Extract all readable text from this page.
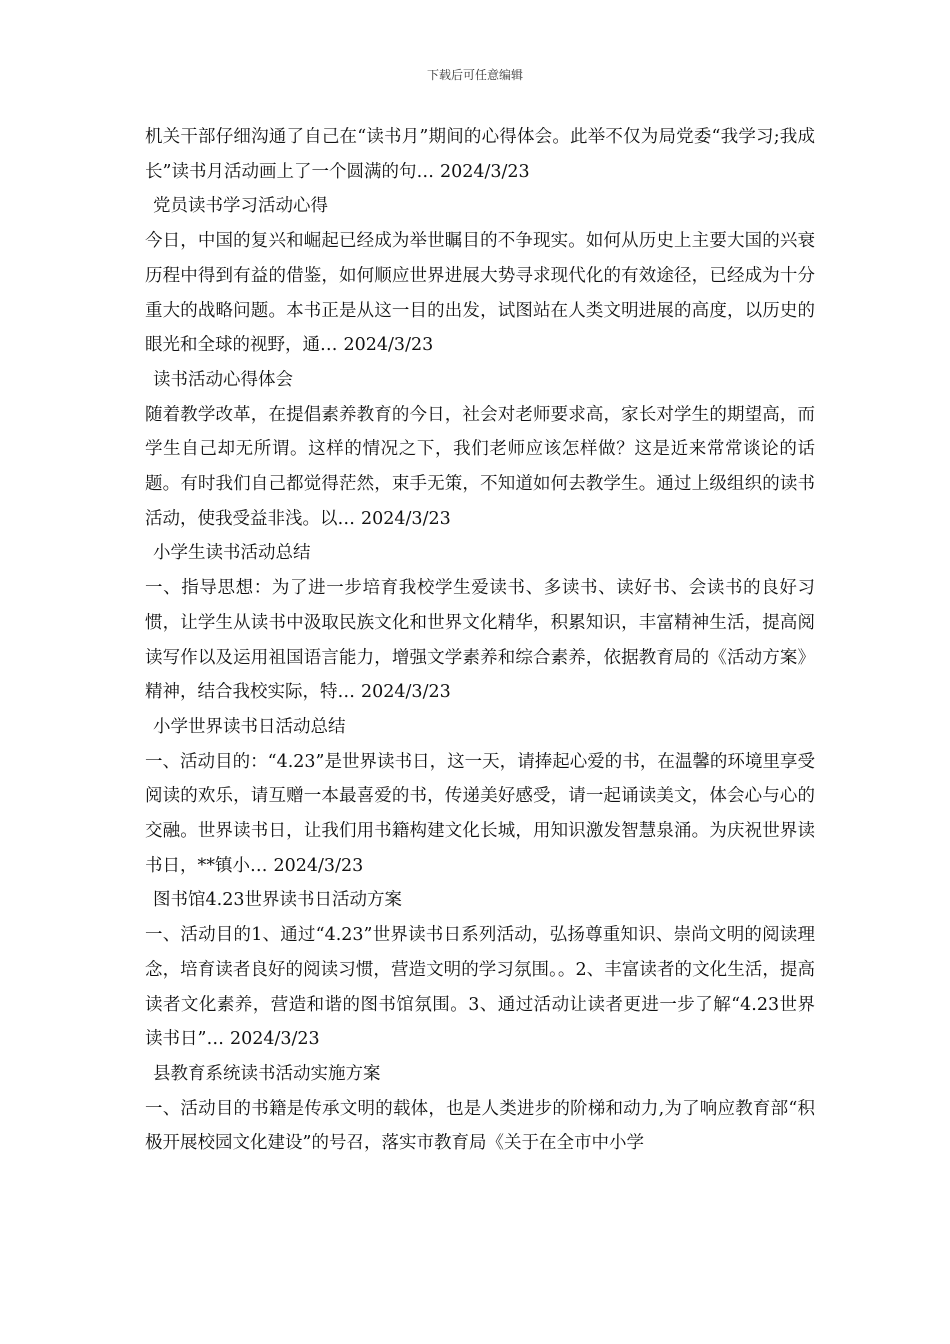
下载后可任意编辑

机关干部仔细沟通了自己在“读书月”期间的心得体会。此举不仅为局党委“我学习;我成长”读书月活动画上了一个圆满的句… 2024/3/23

党员读书学习活动心得

今日，中国的复兴和崛起已经成为举世瞩目的不争现实。如何从历史上主要大国的兴衰历程中得到有益的借鉴，如何顺应世界进展大势寻求现代化的有效途径，已经成为十分重大的战略问题。本书正是从这一目的出发，试图站在人类文明进展的高度，以历史的眼光和全球的视野，通… 2024/3/23

读书活动心得体会

随着教学改革，在提倡素养教育的今日，社会对老师要求高，家长对学生的期望高，而学生自己却无所谓。这样的情况之下，我们老师应该怎样做？这是近来常常谈论的话题。有时我们自己都觉得茫然，束手无策，不知道如何去教学生。通过上级组织的读书活动，使我受益非浅。以… 2024/3/23

小学生读书活动总结

一、指导思想：为了进一步培育我校学生爱读书、多读书、读好书、会读书的良好习惯，让学生从读书中汲取民族文化和世界文化精华，积累知识，丰富精神生活，提高阅读写作以及运用祖国语言能力，增强文学素养和综合素养，依据教育局的《活动方案》精神，结合我校实际，特… 2024/3/23

小学世界读书日活动总结

一、活动目的：“4.23”是世界读书日，这一天，请捧起心爱的书，在温馨的环境里享受阅读的欢乐，请互赠一本最喜爱的书，传递美好感受，请一起诵读美文，体会心与心的交融。世界读书日，让我们用书籍构建文化长城，用知识激发智慧泉涌。为庆祝世界读书日，**镇小… 2024/3/23

图书馆4.23世界读书日活动方案

一、活动目的1、通过“4.23”世界读书日系列活动，弘扬尊重知识、崇尚文明的阅读理念，培育读者良好的阅读习惯，营造文明的学习氛围。。2、丰富读者的文化生活，提高读者文化素养，营造和谐的图书馆氛围。3、通过活动让读者更进一步了解“4.23世界读书日”… 2024/3/23

县教育系统读书活动实施方案

一、活动目的书籍是传承文明的载体，也是人类进步的阶梯和动力,为了响应教育部“积极开展校园文化建设”的号召，落实市教育局《关于在全市中小学
